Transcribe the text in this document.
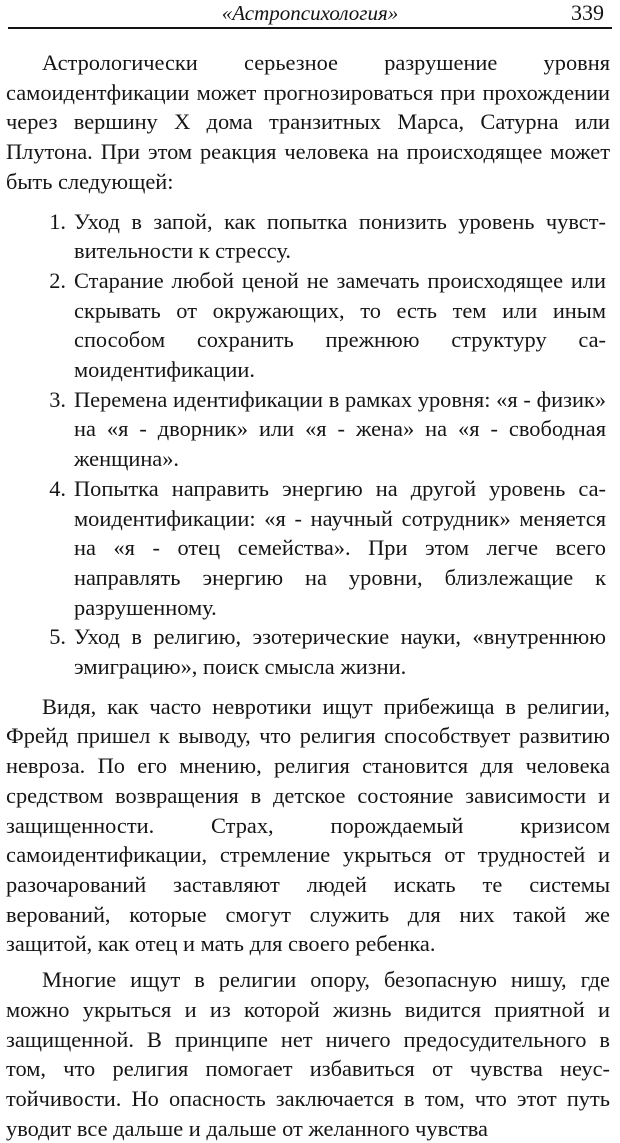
«Астропсихология»	339

Астрологически серьезное разрушение уровня самоидентфикации может прогнозироваться при прохождении через вершину X дома транзитных Марса, Сатурна или Плутона. При этом реакция человека на происходящее может быть следующей:

1. Уход в запой, как попытка понизить уровень чувствительности к стрессу.
2. Старание любой ценой не замечать происходящее или скрывать от окружающих, то есть тем или иным способом сохранить прежнюю структуру самоидентификации.
3. Перемена идентификации в рамках уровня: «я - физик» на «я - дворник» или «я - жена» на «я - свободная женщина».
4. Попытка направить энергию на другой уровень самоидентификации: «я - научный сотрудник» меняется на «я - отец семейства». При этом легче всего направлять энергию на уровни, близлежащие к разрушенному.
5. Уход в религию, эзотерические науки, «внутреннюю эмиграцию», поиск смысла жизни.

Видя, как часто невротики ищут прибежища в религии, Фрейд пришел к выводу, что религия способствует развитию невроза. По его мнению, религия становится для человека средством возвращения в детское состояние зависимости и защищенности. Страх, порождаемый кризисом самоидентификации, стремление укрыться от трудностей и разочарований заставляют людей искать те системы верований, которые смогут служить для них такой же защитой, как отец и мать для своего ребенка.

Многие ищут в религии опору, безопасную нишу, где можно укрыться и из которой жизнь видится приятной и защищенной. В принципе нет ничего предосудительного в том, что религия помогает избавиться от чувства неустойчивости. Но опасность заключается в том, что этот путь уводит все дальше и дальше от желанного чувства
